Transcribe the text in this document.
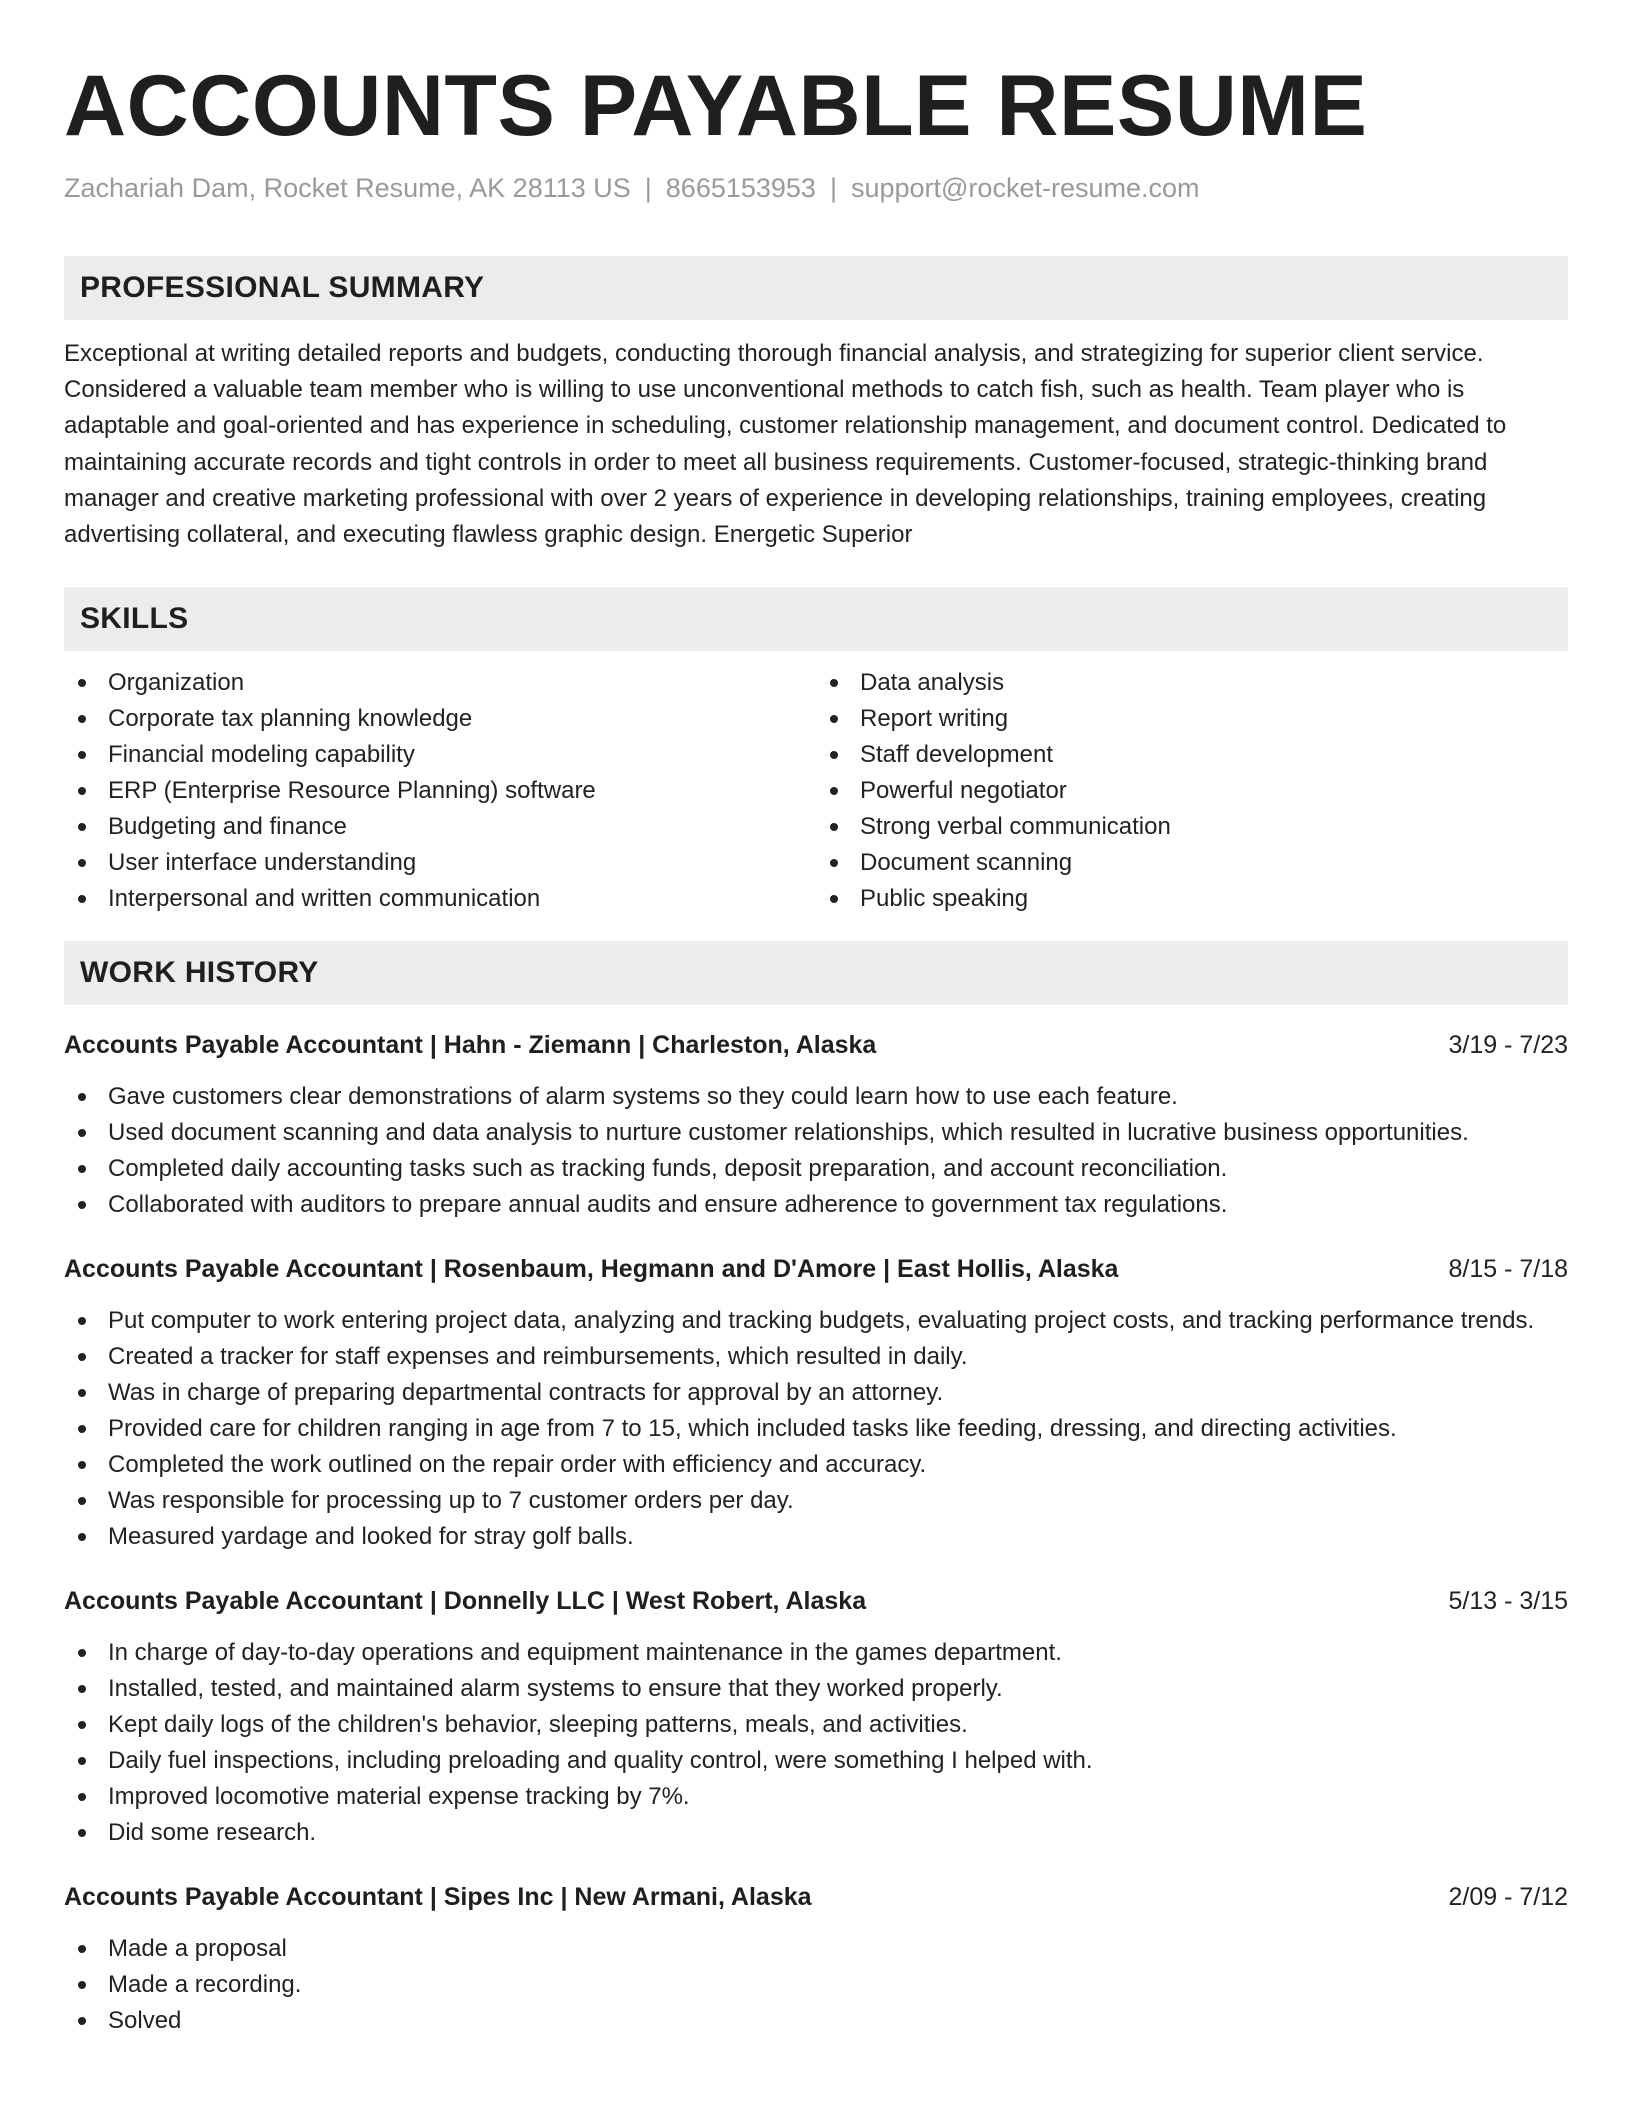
ACCOUNTS PAYABLE RESUME
Zachariah Dam, Rocket Resume, AK 28113 US | 8665153953 | support@rocket-resume.com
PROFESSIONAL SUMMARY

Exceptional at writing detailed reports and budgets, conducting thorough financial analysis, and strategizing for superior client service. Considered a valuable team member who is willing to use unconventional methods to catch fish, such as health. Team player who is adaptable and goal-oriented and has experience in scheduling, customer relationship management, and document control. Dedicated to maintaining accurate records and tight controls in order to meet all business requirements. Customer-focused, strategic-thinking brand manager and creative marketing professional with over 2 years of experience in developing relationships, training employees, creating advertising collateral, and executing flawless graphic design. Energetic Superior

SKILLS
Organization
Corporate tax planning knowledge
Financial modeling capability
ERP (Enterprise Resource Planning) software
Budgeting and finance
User interface understanding
Interpersonal and written communication
Data analysis
Report writing
Staff development
Powerful negotiator
Strong verbal communication
Document scanning
Public speaking
WORK HISTORY
Accounts Payable Accountant | Hahn - Ziemann | Charleston, Alaska	3/19 - 7/23
Gave customers clear demonstrations of alarm systems so they could learn how to use each feature.
Used document scanning and data analysis to nurture customer relationships, which resulted in lucrative business opportunities.
Completed daily accounting tasks such as tracking funds, deposit preparation, and account reconciliation.
Collaborated with auditors to prepare annual audits and ensure adherence to government tax regulations.
Accounts Payable Accountant | Rosenbaum, Hegmann and D'Amore | East Hollis, Alaska	8/15 - 7/18
Put computer to work entering project data, analyzing and tracking budgets, evaluating project costs, and tracking performance trends.
Created a tracker for staff expenses and reimbursements, which resulted in daily.
Was in charge of preparing departmental contracts for approval by an attorney.
Provided care for children ranging in age from 7 to 15, which included tasks like feeding, dressing, and directing activities.
Completed the work outlined on the repair order with efficiency and accuracy.
Was responsible for processing up to 7 customer orders per day.
Measured yardage and looked for stray golf balls.
Accounts Payable Accountant | Donnelly LLC | West Robert, Alaska	5/13 - 3/15
In charge of day-to-day operations and equipment maintenance in the games department.
Installed, tested, and maintained alarm systems to ensure that they worked properly.
Kept daily logs of the children's behavior, sleeping patterns, meals, and activities.
Daily fuel inspections, including preloading and quality control, were something I helped with.
Improved locomotive material expense tracking by 7%.
Did some research.
Accounts Payable Accountant | Sipes Inc | New Armani, Alaska	2/09 - 7/12
Made a proposal
Made a recording.
Solved
